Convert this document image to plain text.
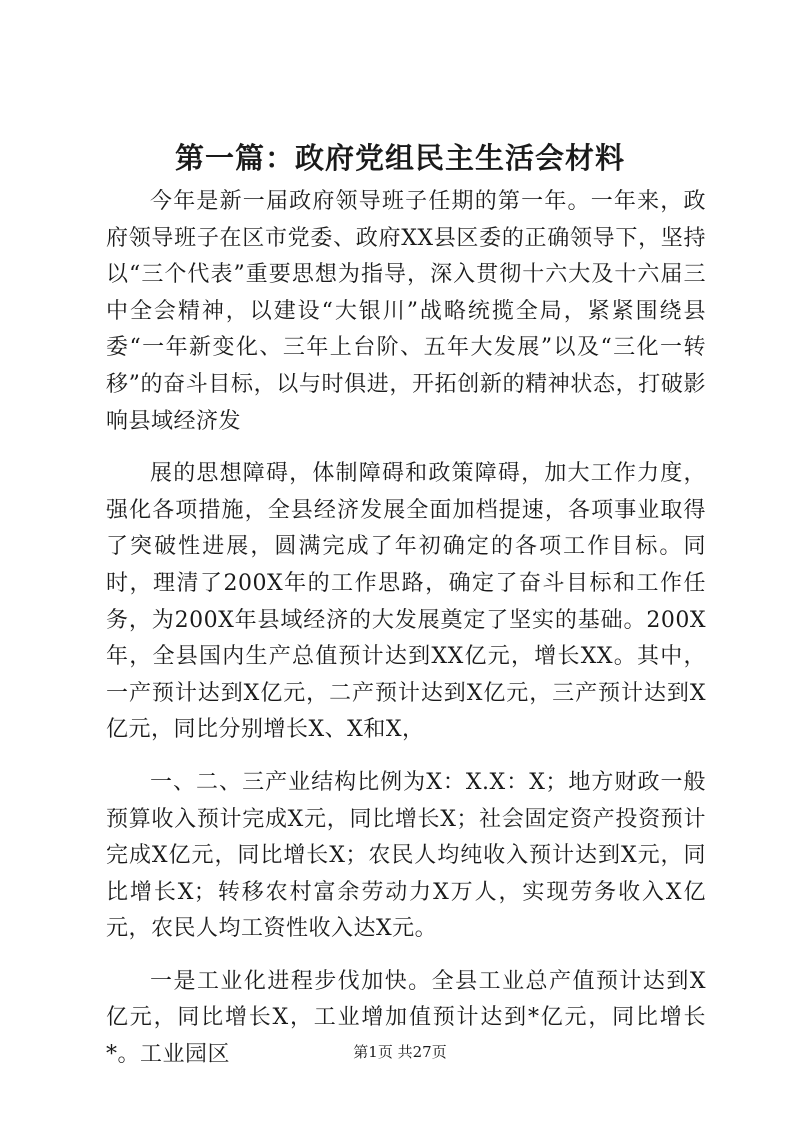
第一篇：政府党组民主生活会材料

今年是新一届政府领导班子任期的第一年。一年来，政府领导班子在区市党委、政府XX县区委的正确领导下，坚持以“三个代表”重要思想为指导，深入贯彻十六大及十六届三中全会精神，以建设“大银川”战略统揽全局，紧紧围绕县委“一年新变化、三年上台阶、五年大发展”以及“三化一转移”的奋斗目标，以与时俱进，开拓创新的精神状态，打破影响县域经济发

展的思想障碍，体制障碍和政策障碍，加大工作力度，强化各项措施，全县经济发展全面加档提速，各项事业取得了突破性进展，圆满完成了年初确定的各项工作目标。同时，理清了200X年的工作思路，确定了奋斗目标和工作任务，为200X年县域经济的大发展奠定了坚实的基础。200X年，全县国内生产总值预计达到XX亿元，增长XX。其中，一产预计达到X亿元，二产预计达到X亿元，三产预计达到X亿元，同比分别增长X、X和X，

一、二、三产业结构比例为X：X.X：X；地方财政一般预算收入预计完成X元，同比增长X；社会固定资产投资预计完成X亿元，同比增长X；农民人均纯收入预计达到X元，同比增长X；转移农村富余劳动力X万人，实现劳务收入X亿元，农民人均工资性收入达X元。

一是工业化进程步伐加快。全县工业总产值预计达到X亿元，同比增长X，工业增加值预计达到*亿元，同比增长*。工业园区	第1页 共27页
